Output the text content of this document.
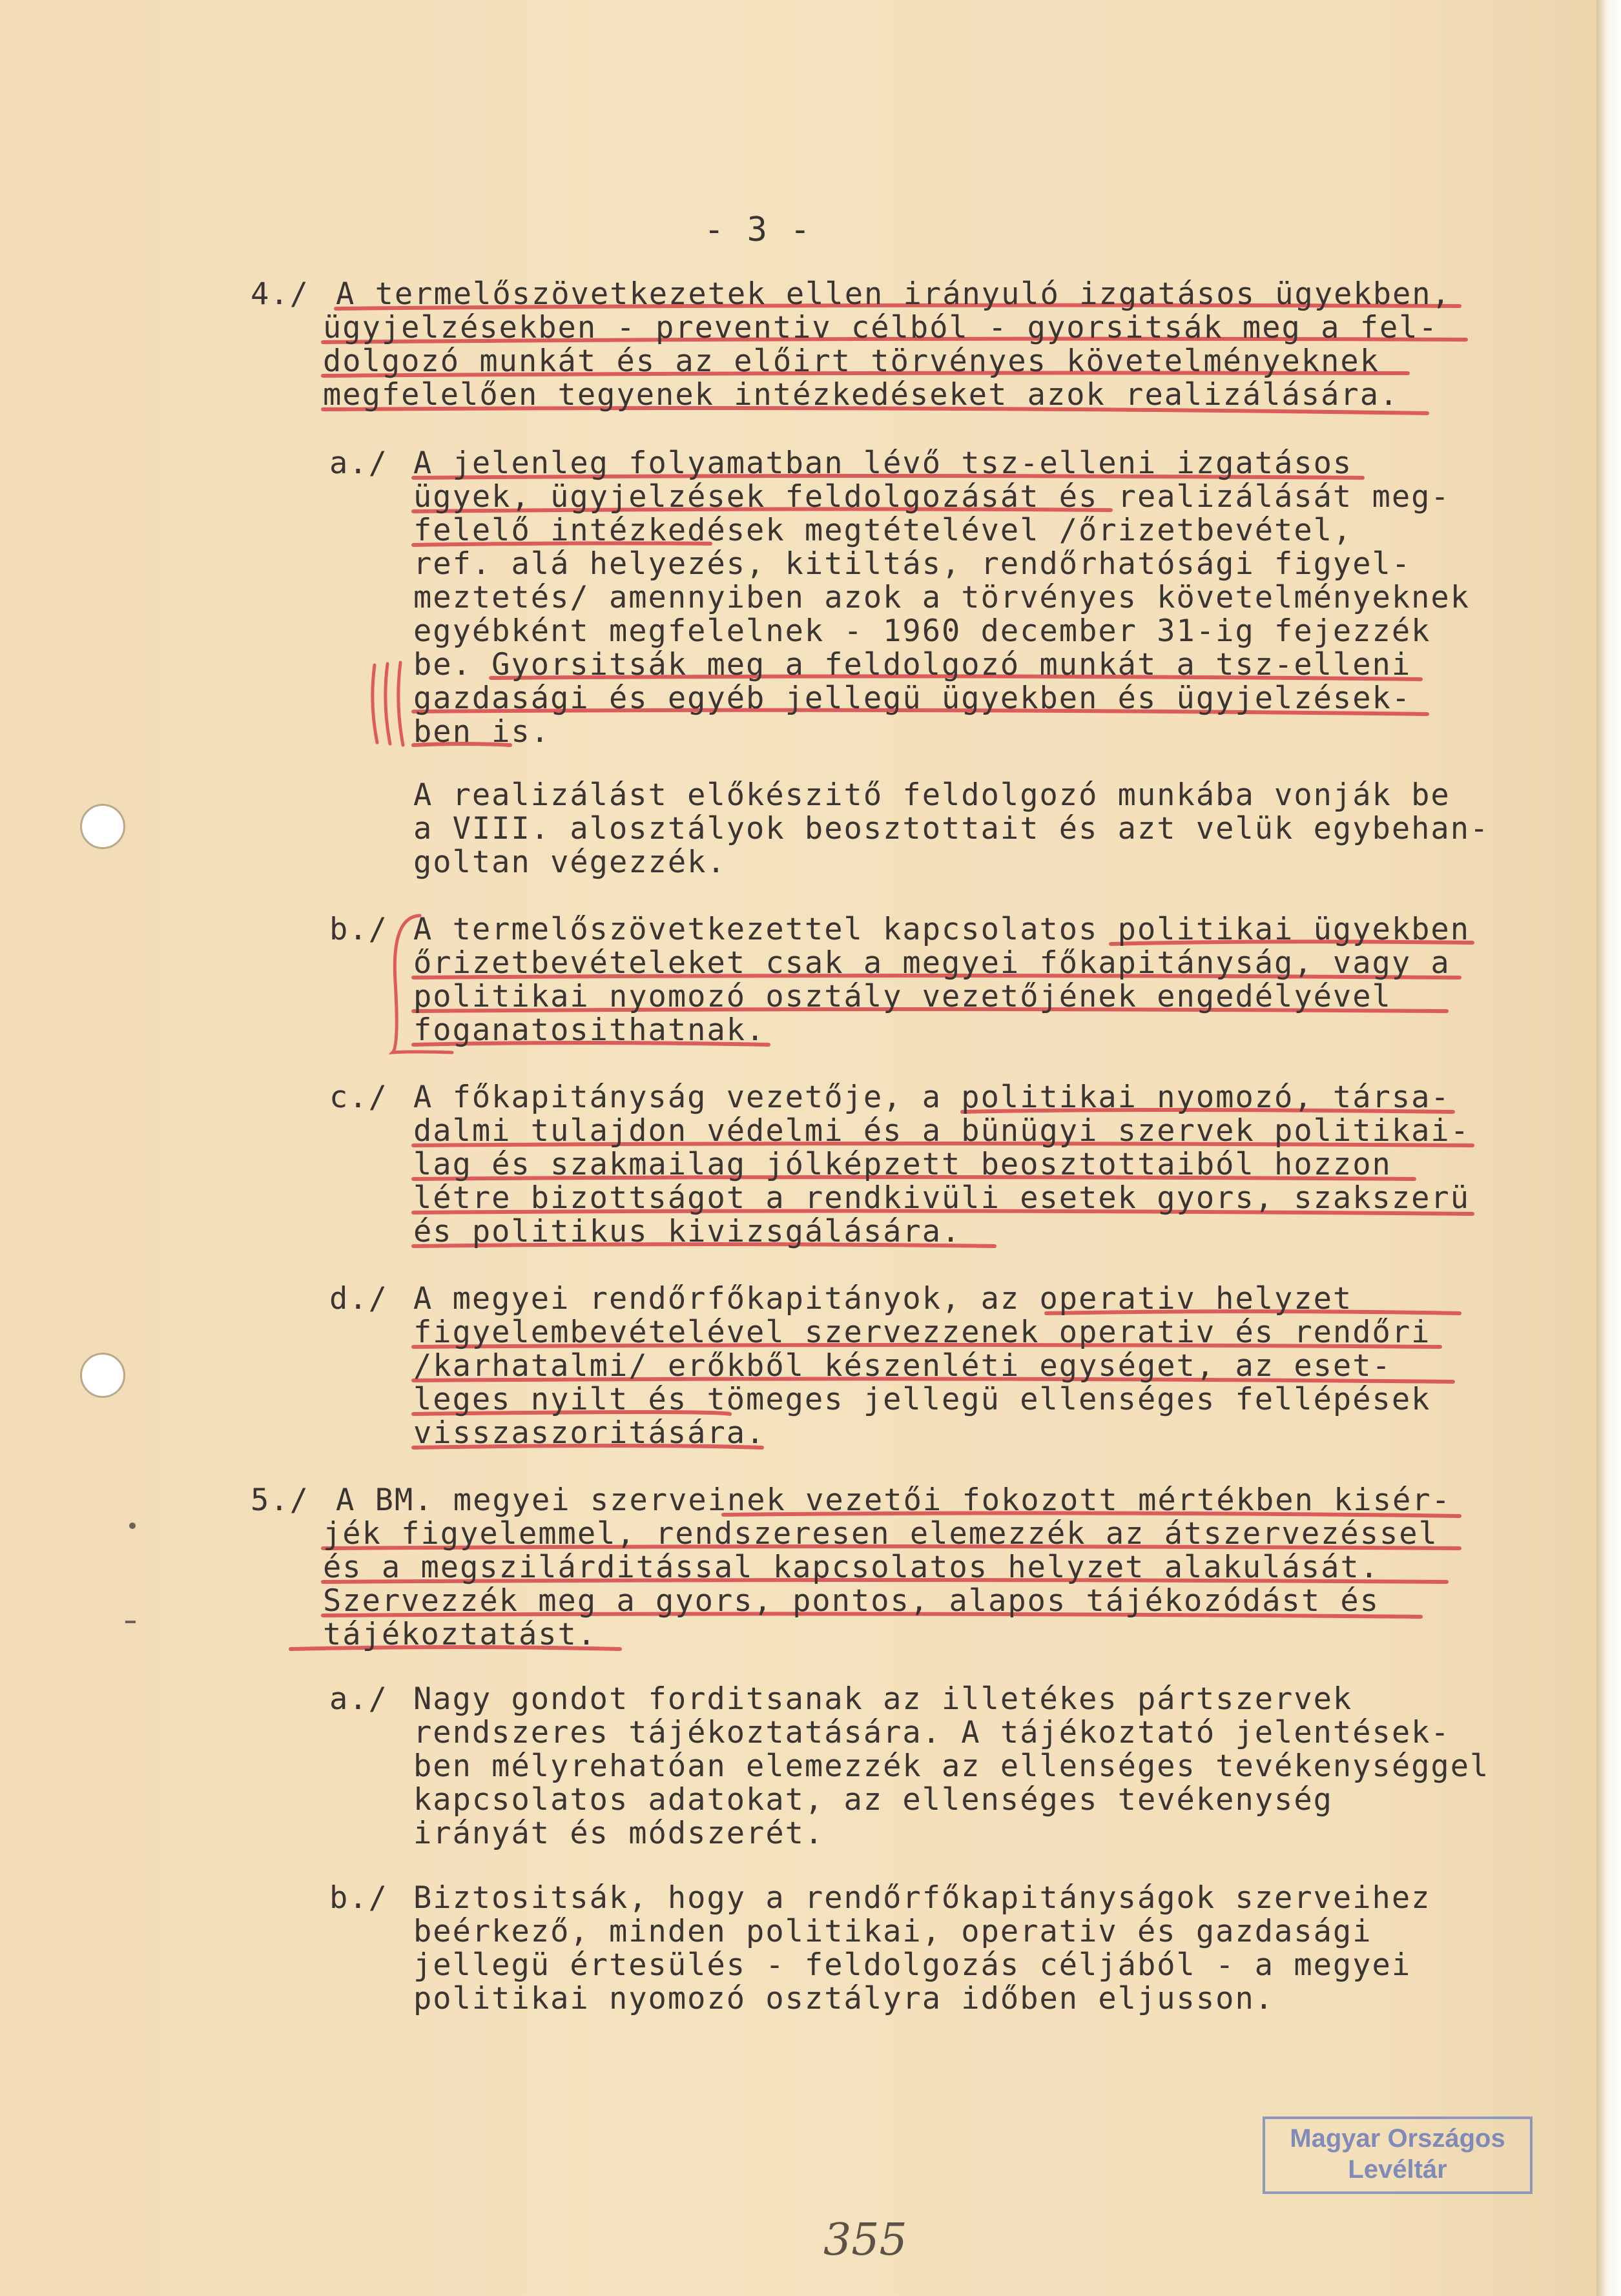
- 3 -
4./ A termelőszövetkezetek ellen irányuló izgatásos ügyekben,
ügyjelzésekben - preventiv célból - gyorsitsák meg a fel-
dolgozó munkát és az előirt törvényes követelményeknek
megfelelően tegyenek intézkedéseket azok realizálására.
a./ A jelenleg folyamatban lévő tsz-elleni izgatásos
ügyek, ügyjelzések feldolgozását és realizálását meg-
felelő intézkedések megtételével /őrizetbevétel,
ref. alá helyezés, kitiltás, rendőrhatósági figyel-
meztetés/ amennyiben azok a törvényes követelményeknek
egyébként megfelelnek - 1960 december 31-ig fejezzék
be. Gyorsitsák meg a feldolgozó munkát a tsz-elleni
gazdasági és egyéb jellegü ügyekben és ügyjelzések-
ben is.
A realizálást előkészitő feldolgozó munkába vonják be
a VIII. alosztályok beosztottait és azt velük egybehan-
goltan végezzék.
b./ A termelőszövetkezettel kapcsolatos politikai ügyekben
őrizetbevételeket csak a megyei főkapitányság, vagy a
politikai nyomozó osztály vezetőjének engedélyével
foganatosithatnak.
c./ A főkapitányság vezetője, a politikai nyomozó, társa-
dalmi tulajdon védelmi és a bünügyi szervek politikai-
lag és szakmailag jólképzett beosztottaiból hozzon
létre bizottságot a rendkivüli esetek gyors, szakszerü
és politikus kivizsgálására.
d./ A megyei rendőrfőkapitányok, az operativ helyzet
figyelembevételével szervezzenek operativ és rendőri
/karhatalmi/ erőkből készenléti egységet, az eset-
leges nyilt és tömeges jellegü ellenséges fellépések
visszaszoritására.
5./ A BM. megyei szerveinek vezetői fokozott mértékben kisér-
jék figyelemmel, rendszeresen elemezzék az átszervezéssel
és a megszilárditással kapcsolatos helyzet alakulását.
Szervezzék meg a gyors, pontos, alapos tájékozódást és
tájékoztatást.
a./ Nagy gondot forditsanak az illetékes pártszervek
rendszeres tájékoztatására. A tájékoztató jelentések-
ben mélyrehatóan elemezzék az ellenséges tevékenységgel
kapcsolatos adatokat, az ellenséges tevékenység
irányát és módszerét.
b./ Biztositsák, hogy a rendőrfőkapitányságok szerveihez
beérkező, minden politikai, operativ és gazdasági
jellegü értesülés - feldolgozás céljából - a megyei
politikai nyomozó osztályra időben eljusson.
Magyar Országos
Levéltár
355
